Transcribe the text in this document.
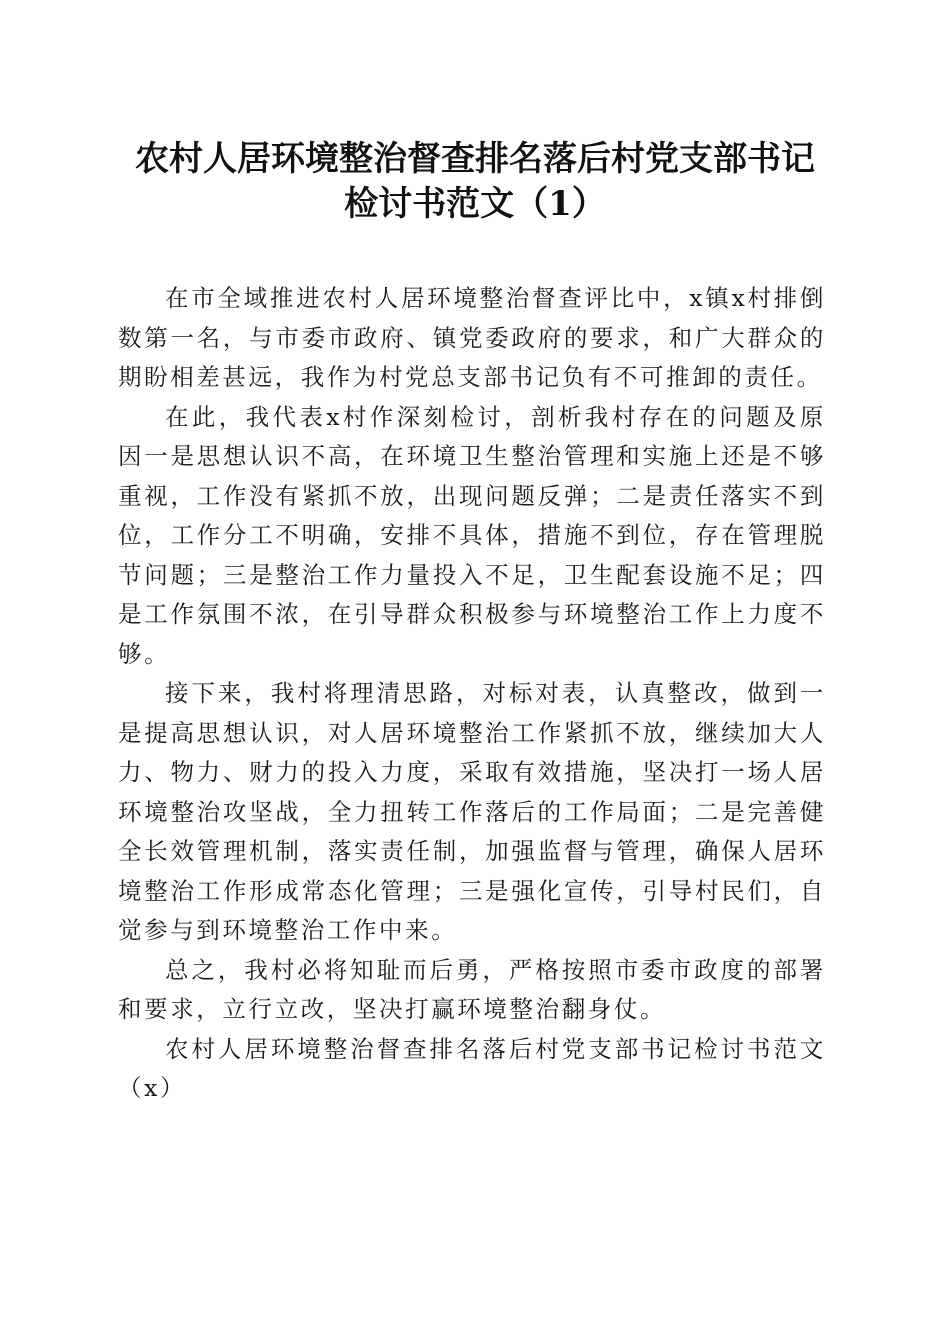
农村人居环境整治督查排名落后村党支部书记
检讨书范文（1）

在市全域推进农村人居环境整治督查评比中，x镇x村排倒数第一名，与市委市政府、镇党委政府的要求，和广大群众的期盼相差甚远，我作为村党总支部书记负有不可推卸的责任。

在此，我代表x村作深刻检讨，剖析我村存在的问题及原因一是思想认识不高，在环境卫生整治管理和实施上还是不够重视，工作没有紧抓不放，出现问题反弹；二是责任落实不到位，工作分工不明确，安排不具体，措施不到位，存在管理脱节问题；三是整治工作力量投入不足，卫生配套设施不足；四是工作氛围不浓，在引导群众积极参与环境整治工作上力度不够。

接下来，我村将理清思路，对标对表，认真整改，做到一是提高思想认识，对人居环境整治工作紧抓不放，继续加大人力、物力、财力的投入力度，采取有效措施，坚决打一场人居环境整治攻坚战，全力扭转工作落后的工作局面；二是完善健全长效管理机制，落实责任制，加强监督与管理，确保人居环境整治工作形成常态化管理；三是强化宣传，引导村民们，自觉参与到环境整治工作中来。

总之，我村必将知耻而后勇，严格按照市委市政度的部署和要求，立行立改，坚决打赢环境整治翻身仗。

农村人居环境整治督查排名落后村党支部书记检讨书范文（x）
